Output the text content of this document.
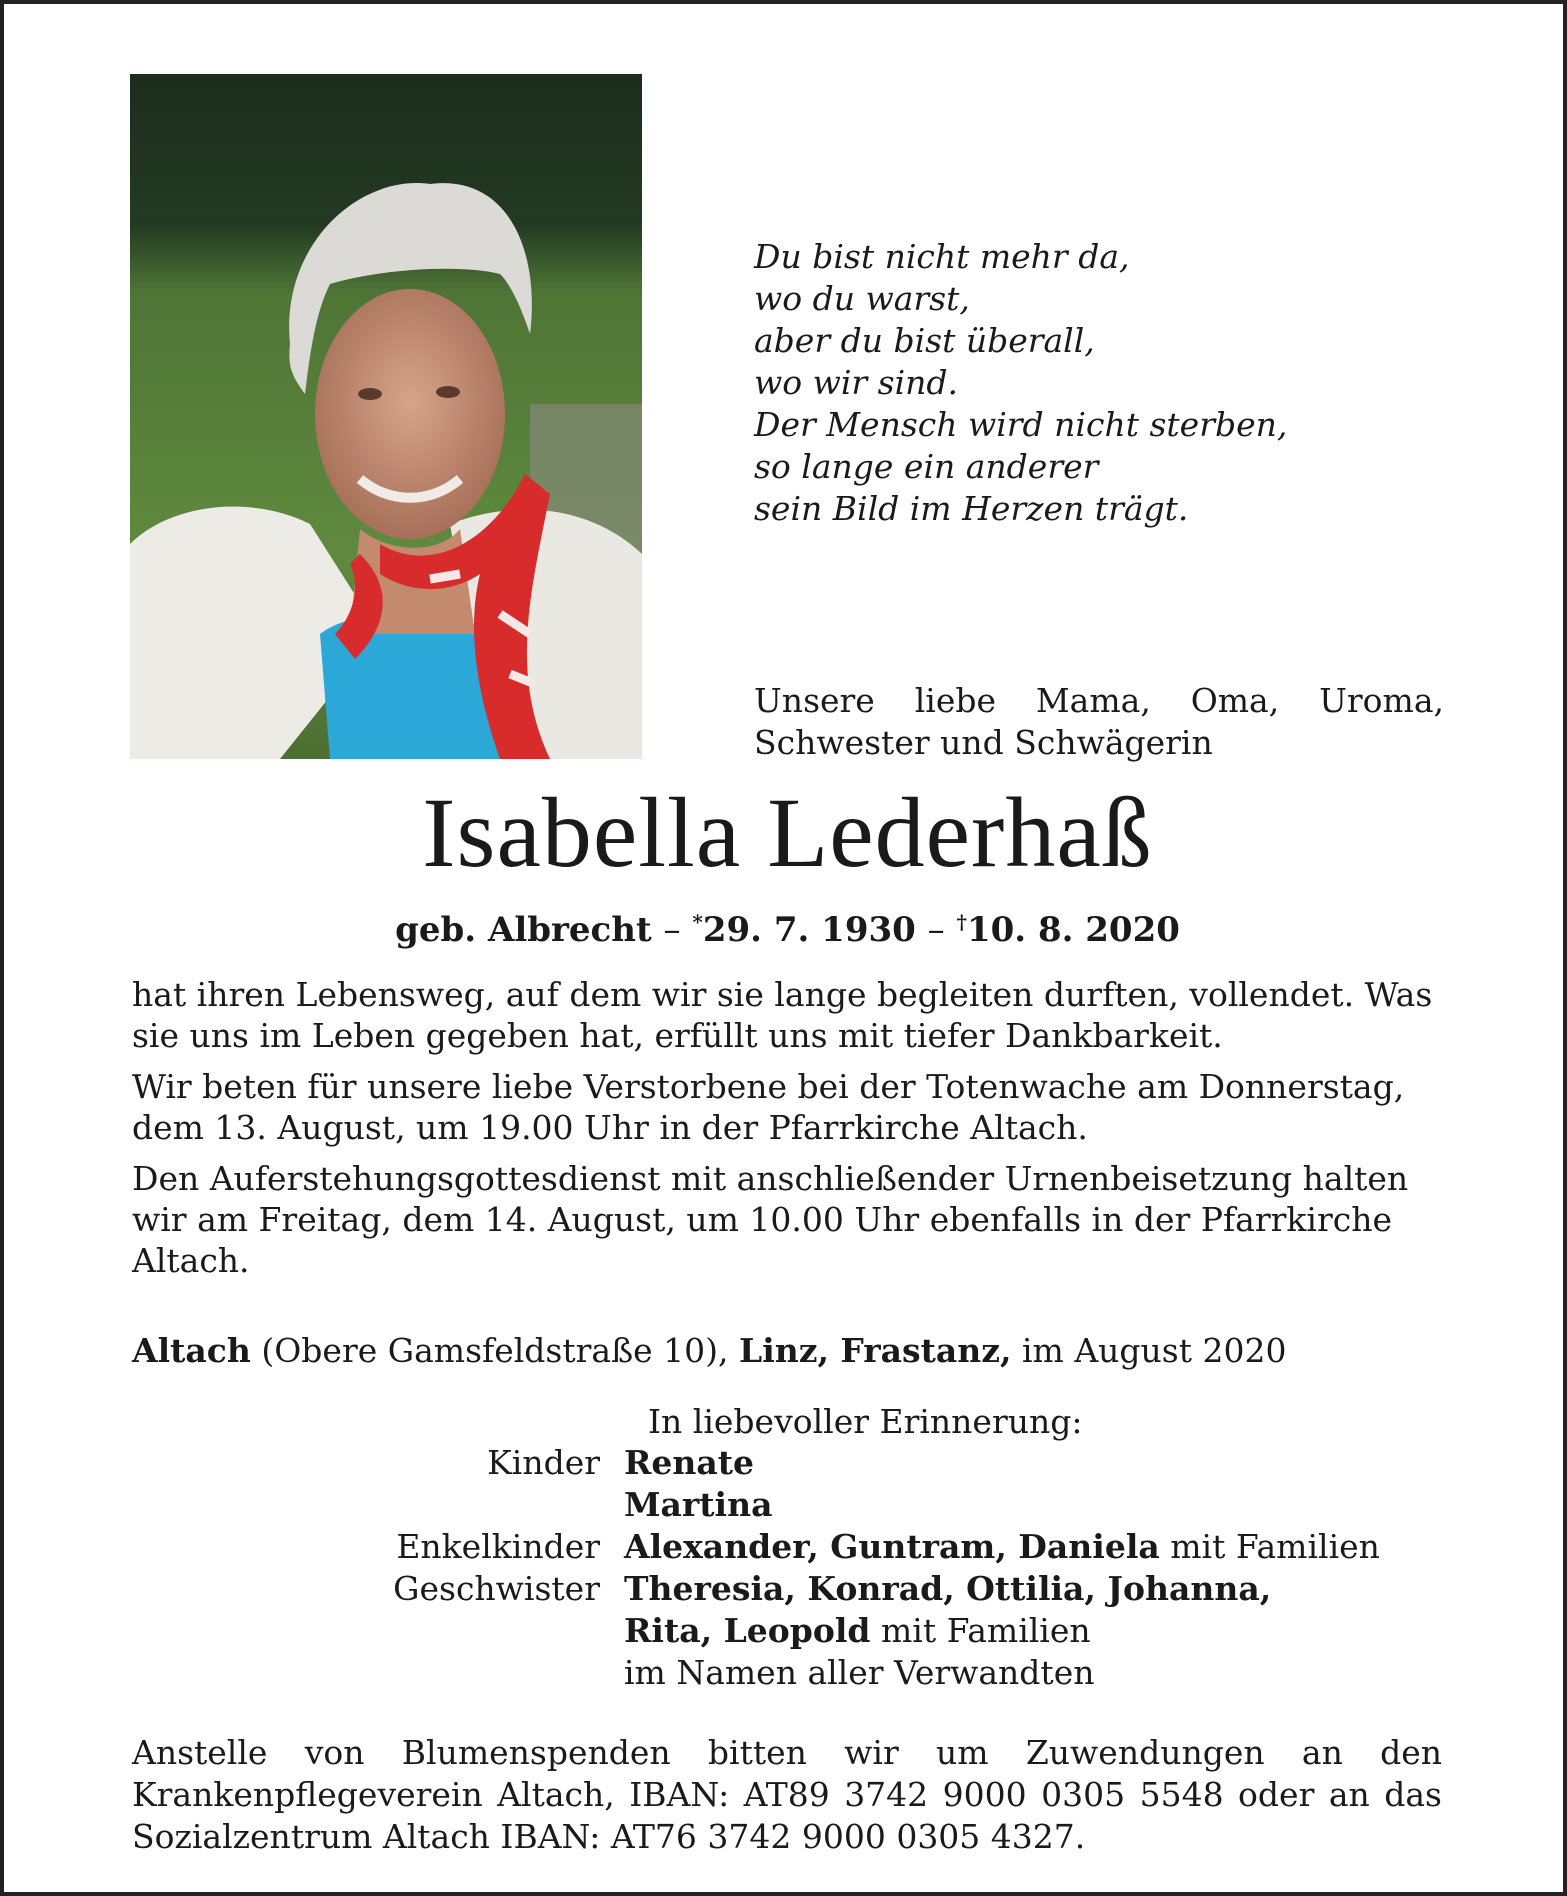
Du bist nicht mehr da,
wo du warst,
aber du bist überall,
wo wir sind.
Der Mensch wird nicht sterben,
so lange ein anderer
sein Bild im Herzen trägt.
Unsere liebe Mama, Oma, Uroma,
Schwester und Schwägerin
Isabella Lederhaß
geb. Albrecht – *29. 7. 1930 – †10. 8. 2020

hat ihren Lebensweg, auf dem wir sie lange begleiten durften, vollendet. Was sie uns im Leben gegeben hat, erfüllt uns mit tiefer Dankbarkeit.

Wir beten für unsere liebe Verstorbene bei der Totenwache am Donnerstag, dem 13. August, um 19.00 Uhr in der Pfarrkirche Altach.

Den Auferstehungsgottesdienst mit anschließender Urnenbeisetzung halten wir am Freitag, dem 14. August, um 10.00 Uhr ebenfalls in der Pfarrkirche Altach.

Altach (Obere Gamsfeldstraße 10), Linz, Frastanz, im August 2020
In liebevoller Erinnerung:
Kinder Renate
Martina
Enkelkinder Alexander, Guntram, Daniela mit Familien
Geschwister Theresia, Konrad, Ottilia, Johanna,
Rita, Leopold mit Familien
im Namen aller Verwandten
Anstelle von Blumenspenden bitten wir um Zuwendungen an den Krankenpflegeverein Altach, IBAN: AT89 3742 9000 0305 5548 oder an das Sozialzentrum Altach IBAN: AT76 3742 9000 0305 4327.
